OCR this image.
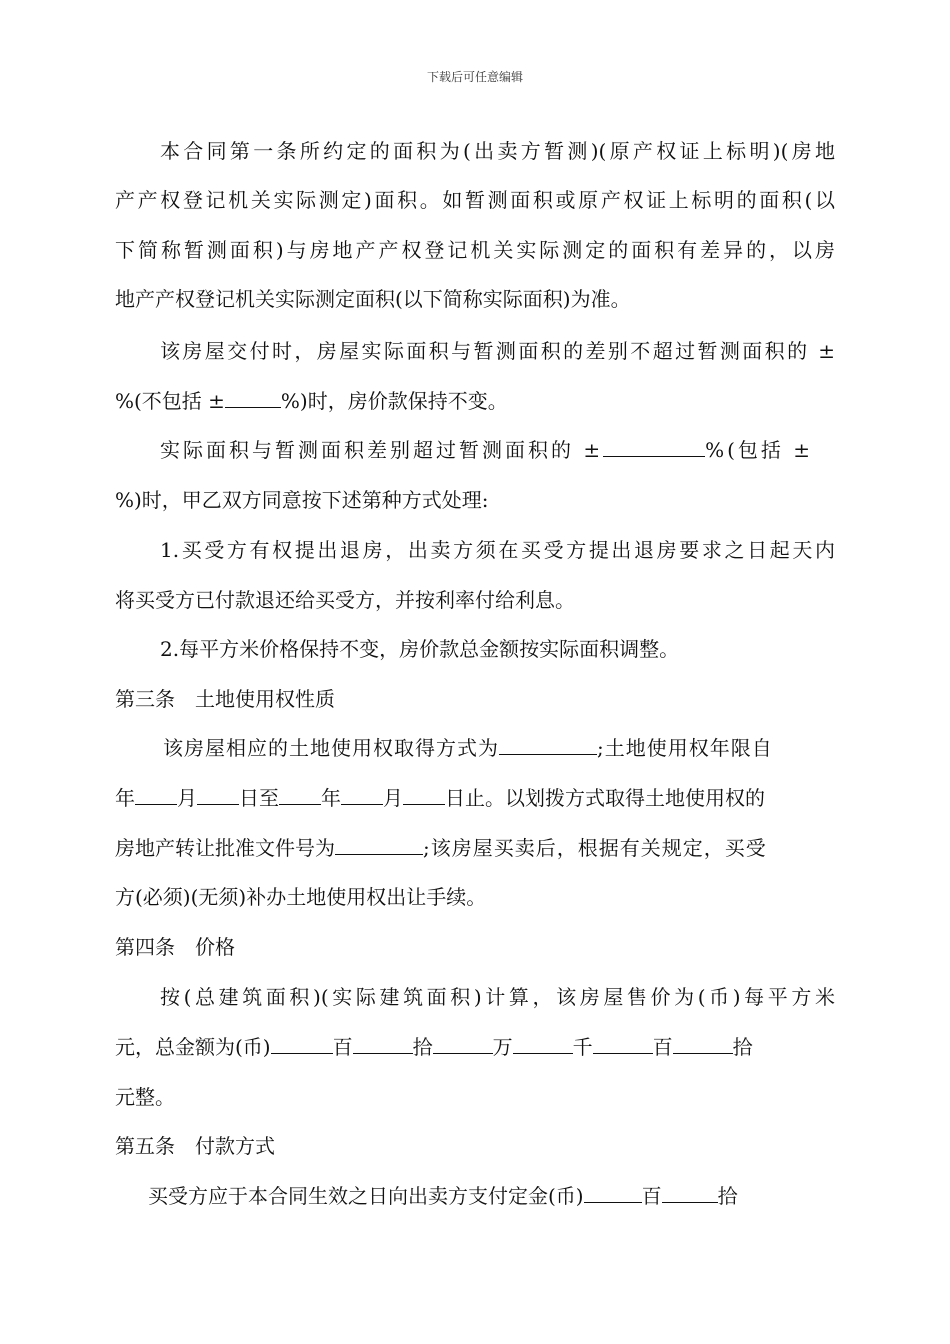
下载后可任意编辑
本合同第一条所约定的面积为(出卖方暂测)(原产权证上标明)(房地
产产权登记机关实际测定)面积。如暂测面积或原产权证上标明的面积(以
下简称暂测面积)与房地产产权登记机关实际测定的面积有差异的，以房
地产产权登记机关实际测定面积(以下简称实际面积)为准。
该房屋交付时，房屋实际面积与暂测面积的差别不超过暂测面积的 ±
%(不包括 ±	%)时，房价款保持不变。
实际面积与暂测面积差别超过暂测面积的 ±	%(包括 ±
%)时，甲乙双方同意按下述第种方式处理:
1.买受方有权提出退房，出卖方须在买受方提出退房要求之日起天内
将买受方已付款退还给买受方，并按利率付给利息。
2.每平方米价格保持不变，房价款总金额按实际面积调整。
第三条　土地使用权性质
该房屋相应的土地使用权取得方式为	;土地使用权年限自
年 月 日至 年 月 日止。以划拨方式取得土地使用权的
房地产转让批准文件号为	;该房屋买卖后，根据有关规定，买受
方(必须)(无须)补办土地使用权出让手续。
第四条　价格
按(总建筑面积)(实际建筑面积)计算，该房屋售价为(币)每平方米
元，总金额为(币)	百	拾	万	千	百	拾
元整。
第五条　付款方式
买受方应于本合同生效之日向出卖方支付定金(币)	百	拾
